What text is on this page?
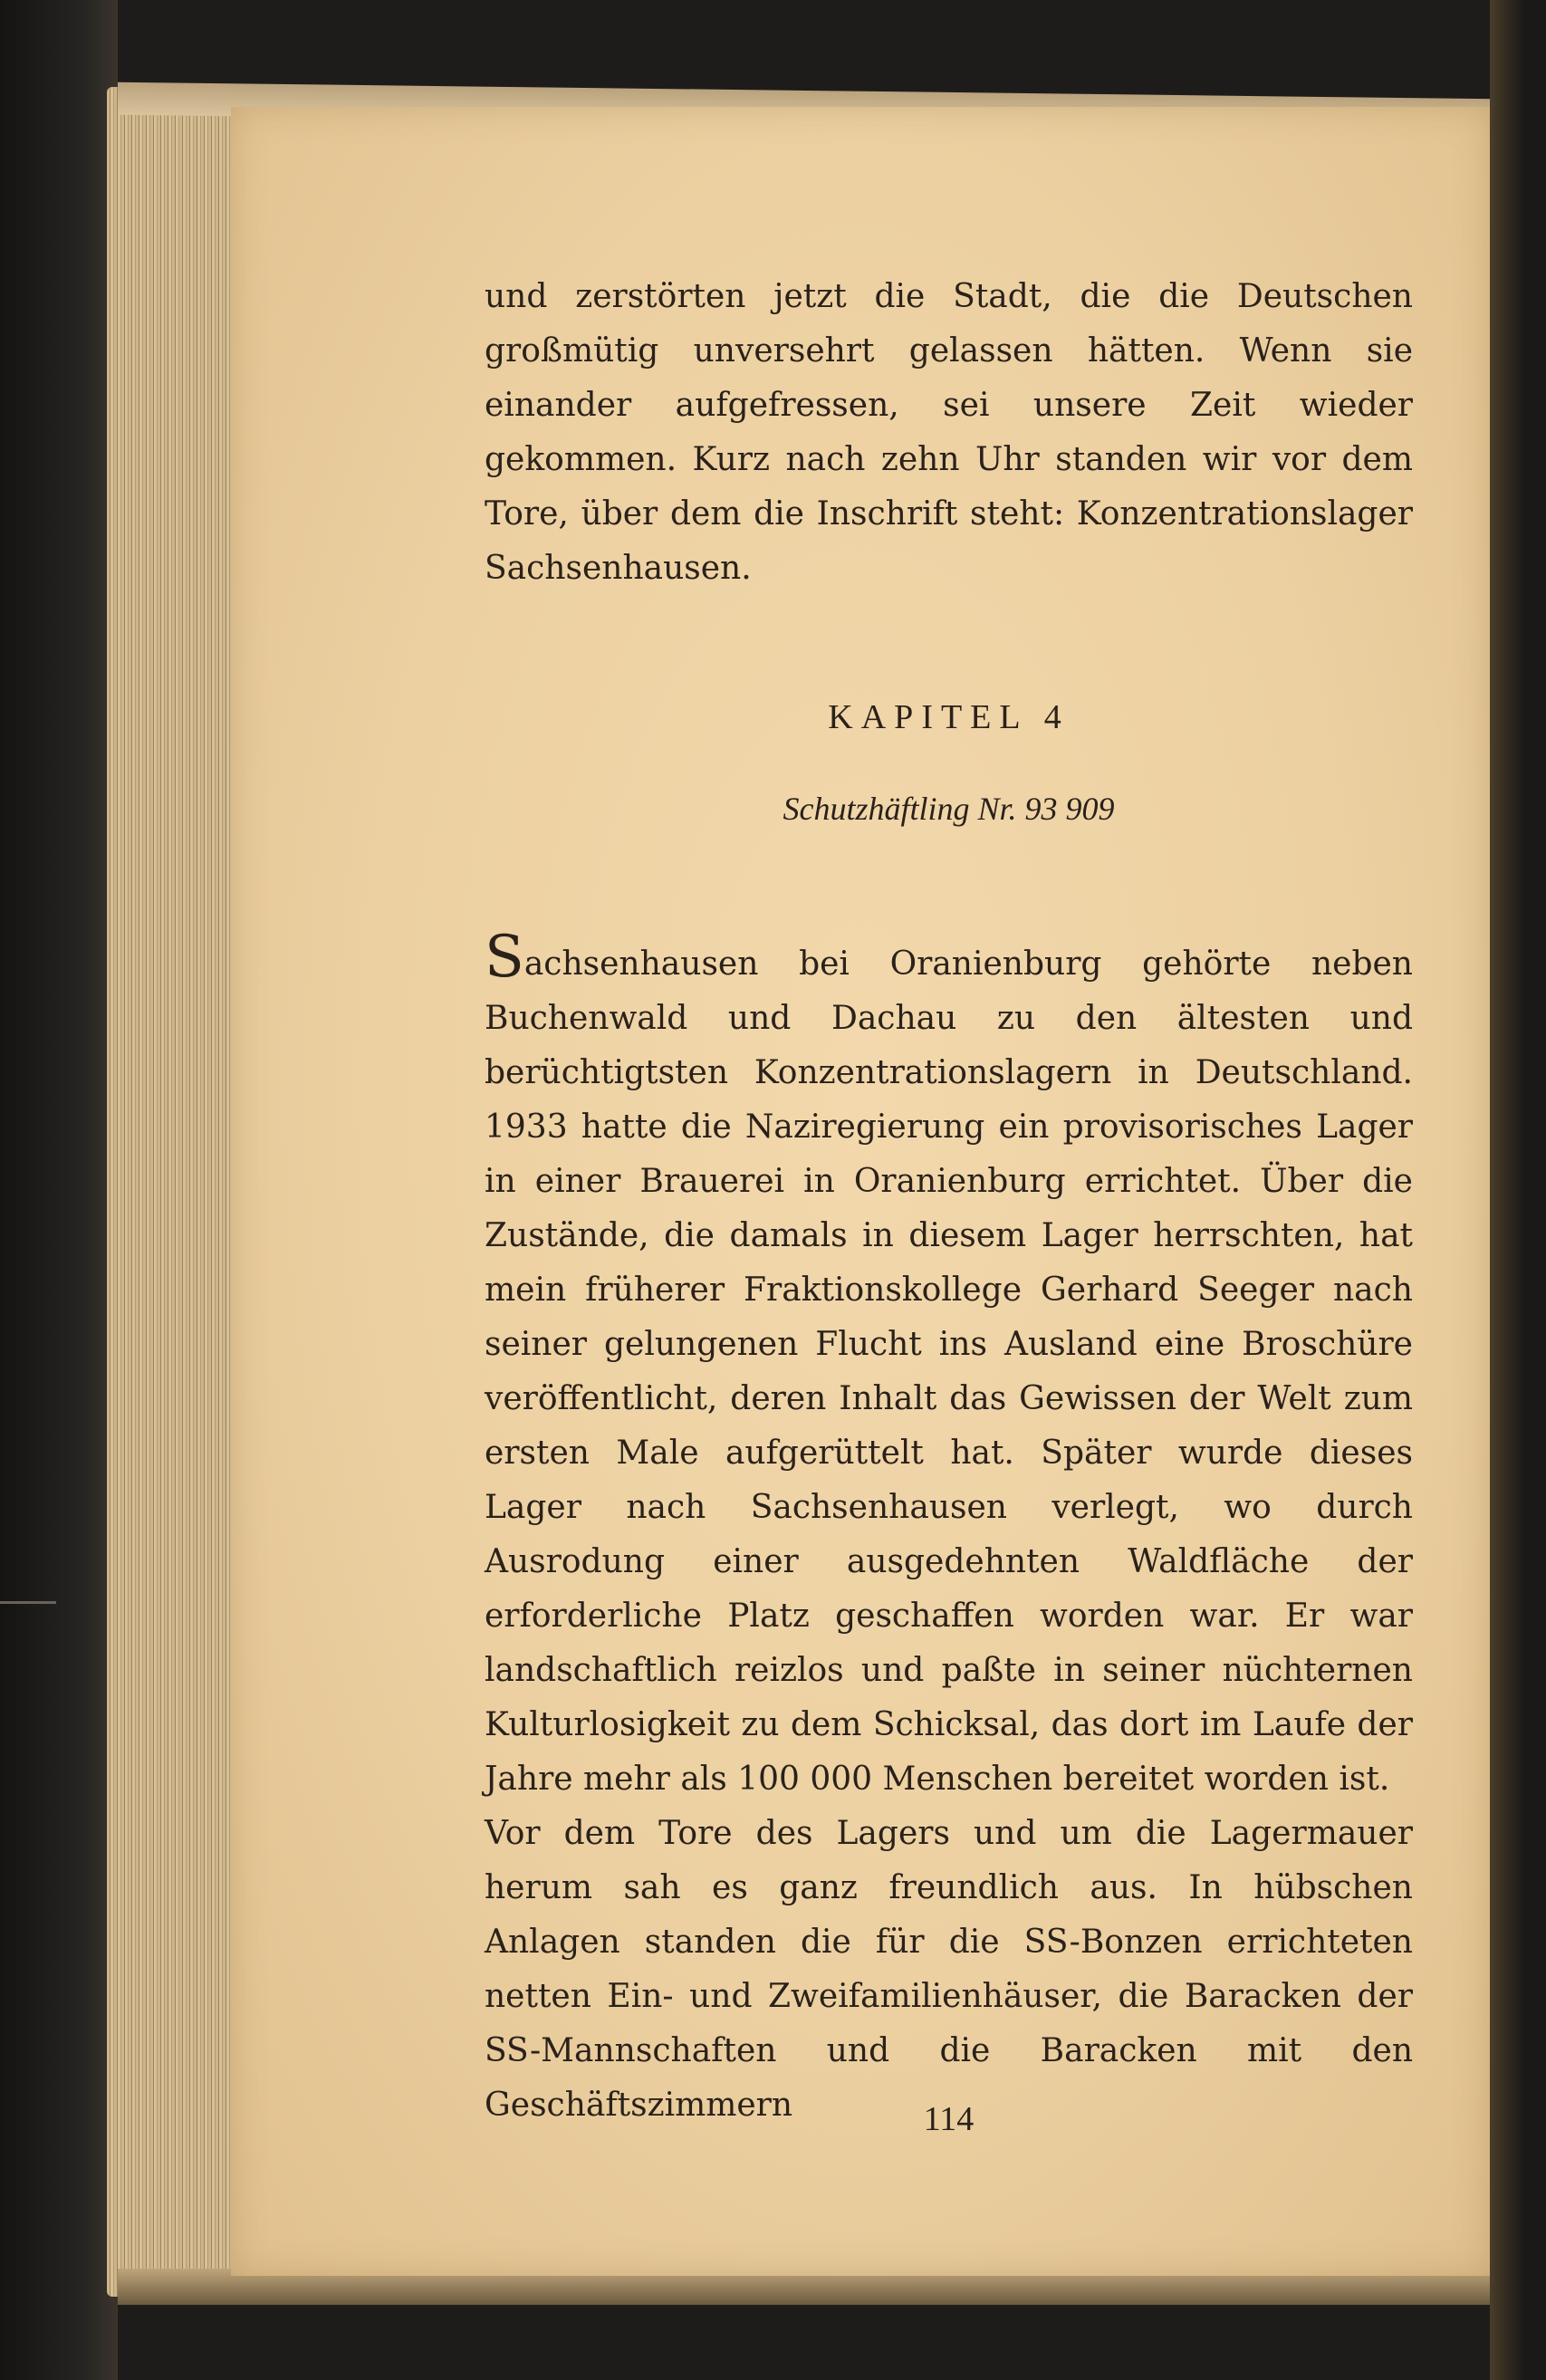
und zerstörten jetzt die Stadt, die die Deutschen großmütig unversehrt gelassen hätten. Wenn sie einander aufgefressen, sei unsere Zeit wieder gekommen. Kurz nach zehn Uhr standen wir vor dem Tore, über dem die Inschrift steht: Konzentrationslager Sachsenhausen.

KAPITEL 4
Schutzhäftling Nr. 93 909

Sachsenhausen bei Oranienburg gehörte neben Buchenwald und Dachau zu den ältesten und berüchtigtsten Konzentrationslagern in Deutschland. 1933 hatte die Naziregierung ein provisorisches Lager in einer Brauerei in Oranienburg errichtet. Über die Zustände, die damals in diesem Lager herrschten, hat mein früherer Fraktionskollege Gerhard Seeger nach seiner gelungenen Flucht ins Ausland eine Broschüre veröffentlicht, deren Inhalt das Gewissen der Welt zum ersten Male aufgerüttelt hat. Später wurde dieses Lager nach Sachsenhausen verlegt, wo durch Ausrodung einer ausgedehnten Waldfläche der erforderliche Platz geschaffen worden war. Er war landschaftlich reizlos und paßte in seiner nüchternen Kulturlosigkeit zu dem Schicksal, das dort im Laufe der Jahre mehr als 100 000 Menschen bereitet worden ist.

Vor dem Tore des Lagers und um die Lagermauer herum sah es ganz freundlich aus. In hübschen Anlagen standen die für die SS-Bonzen errichteten netten Ein- und Zweifamilienhäuser, die Baracken der SS-Mannschaften und die Baracken mit den Geschäftszimmern	114
